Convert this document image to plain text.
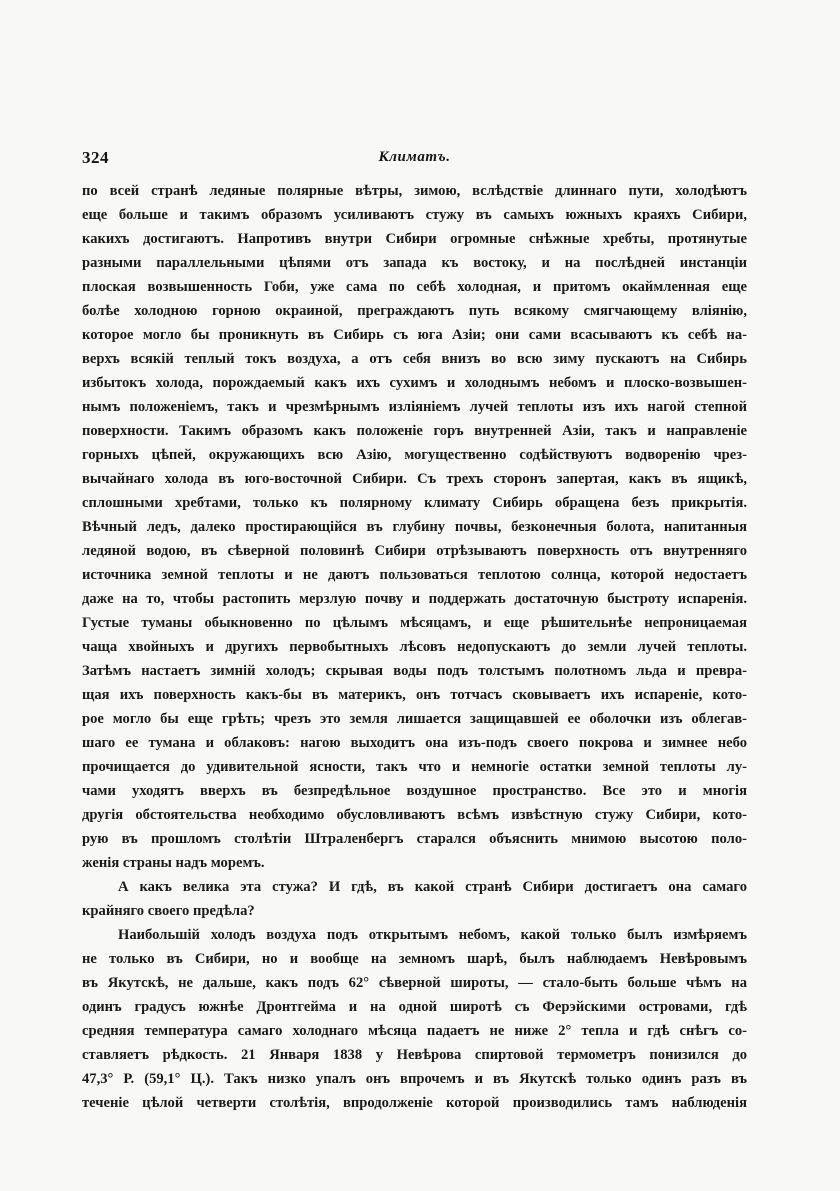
324	Климатъ.
по всей странѣ ледяные полярные вѣтры, зимою, вслѣдствіе длиннаго пути, холодѣютъ
еще больше и такимъ образомъ усиливаютъ стужу въ самыхъ южныхъ краяхъ Сибири,
какихъ достигаютъ. Напротивъ внутри Сибири огромные снѣжные хребты, протянутые
разными параллельными цѣпями отъ запада къ востоку, и на послѣдней инстанціи
плоская возвышенность Гоби, уже сама по себѣ холодная, и притомъ окаймленная еще
болѣе холодною горною окраиной, преграждаютъ путь всякому смягчающему вліянію,
которое могло бы проникнуть въ Сибирь съ юга Азіи; они сами всасываютъ къ себѣ на-
верхъ всякій теплый токъ воздуха, а отъ себя внизъ во всю зиму пускаютъ на Сибирь
избытокъ холода, порождаемый какъ ихъ сухимъ и холоднымъ небомъ и плоско-возвышен-
нымъ положеніемъ, такъ и чрезмѣрнымъ изліяніемъ лучей теплоты изъ ихъ нагой степной
поверхности. Такимъ образомъ какъ положеніе горъ внутренней Азіи, такъ и направленіе
горныхъ цѣпей, окружающихъ всю Азію, могущественно содѣйствуютъ водворенію чрез-
вычайнаго холода въ юго-восточной Сибири. Съ трехъ сторонъ запертая, какъ въ ящикѣ,
сплошными хребтами, только къ полярному климату Сибирь обращена безъ прикрытія.
Вѣчный ледъ, далеко простирающійся въ глубину почвы, безконечныя болота, напитанныя
ледяной водою, въ сѣверной половинѣ Сибири отрѣзываютъ поверхность отъ внутренняго
источника земной теплоты и не даютъ пользоваться теплотою солнца, которой недостаетъ
даже на то, чтобы растопить мерзлую почву и поддержать достаточную быстроту испаренія.
Густые туманы обыкновенно по цѣлымъ мѣсяцамъ, и еще рѣшительнѣе непроницаемая
чаща хвойныхъ и другихъ первобытныхъ лѣсовъ недопускаютъ до земли лучей теплоты.
Затѣмъ настаетъ зимній холодъ; скрывая воды подъ толстымъ полотномъ льда и превра-
щая ихъ поверхность какъ-бы въ материкъ, онъ тотчасъ сковываетъ ихъ испареніе, кото-
рое могло бы еще грѣть; чрезъ это земля лишается защищавшей ее оболочки изъ облегав-
шаго ее тумана и облаковъ: нагою выходитъ она изъ-подъ своего покрова и зимнее небо
прочищается до удивительной ясности, такъ что и немногіе остатки земной теплоты лу-
чами уходятъ вверхъ въ безпредѣльное воздушное пространство. Все это и многія
другія обстоятельства необходимо обусловливаютъ всѣмъ извѣстную стужу Сибири, кото-
рую въ прошломъ столѣтіи Штраленбергъ старался объяснить мнимою высотою поло-
женія страны надъ моремъ.
А какъ велика эта стужа? И гдѣ, въ какой странѣ Сибири достигаетъ она самаго
крайняго своего предѣла?
Наибольшій холодъ воздуха подъ открытымъ небомъ, какой только былъ измѣряемъ
не только въ Сибири, но и вообще на земномъ шарѣ, былъ наблюдаемъ Невѣровымъ
въ Якутскѣ, не дальше, какъ подъ 62° сѣверной широты, — стало-быть больше чѣмъ на
одинъ градусъ южнѣе Дронтгейма и на одной широтѣ съ Ферэйскими островами, гдѣ
средняя температура самаго холоднаго мѣсяца падаетъ не ниже 2° тепла и гдѣ снѣгъ со-
ставляетъ рѣдкость. 21 Января 1838 у Невѣрова спиртовой термометръ понизился до
47,3° Р. (59,1° Ц.). Такъ низко упалъ онъ впрочемъ и въ Якутскѣ только одинъ разъ въ
теченіе цѣлой четверти столѣтія, впродолженіе которой производились тамъ наблюденія
